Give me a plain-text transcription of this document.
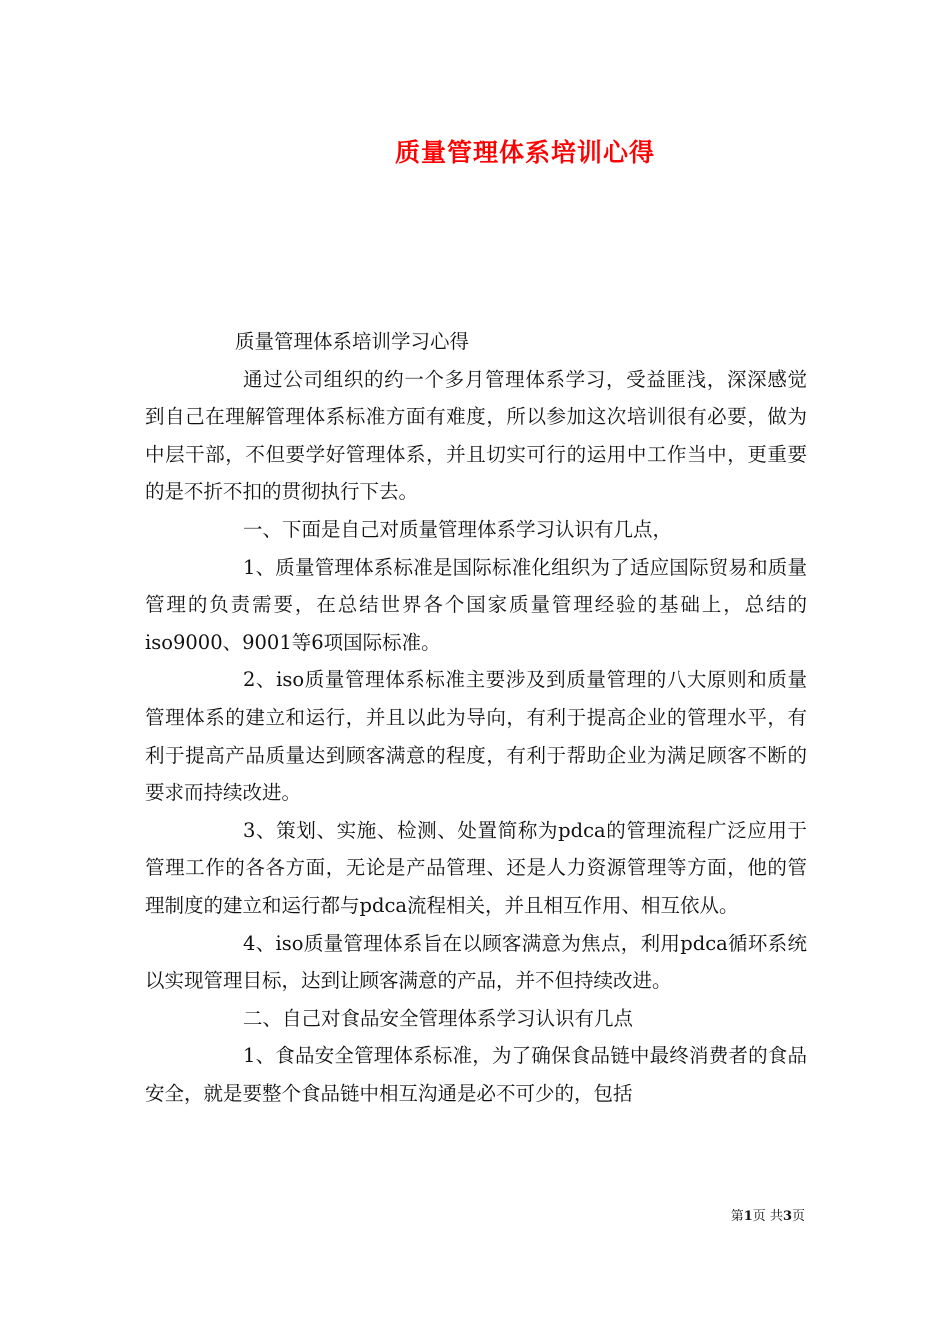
质量管理体系培训心得

质量管理体系培训学习心得

通过公司组织的约一个多月管理体系学习，受益匪浅，深深感觉到自己在理解管理体系标准方面有难度，所以参加这次培训很有必要，做为中层干部，不但要学好管理体系，并且切实可行的运用中工作当中，更重要的是不折不扣的贯彻执行下去。

一、下面是自己对质量管理体系学习认识有几点，

1、质量管理体系标准是国际标准化组织为了适应国际贸易和质量管理的负责需要，在总结世界各个国家质量管理经验的基础上，总结的iso9000、9001等6项国际标准。

2、iso质量管理体系标准主要涉及到质量管理的八大原则和质量管理体系的建立和运行，并且以此为导向，有利于提高企业的管理水平，有利于提高产品质量达到顾客满意的程度，有利于帮助企业为满足顾客不断的要求而持续改进。

3、策划、实施、检测、处置简称为pdca的管理流程广泛应用于管理工作的各各方面，无论是产品管理、还是人力资源管理等方面，他的管理制度的建立和运行都与pdca流程相关，并且相互作用、相互依从。

4、iso质量管理体系旨在以顾客满意为焦点，利用pdca循环系统以实现管理目标，达到让顾客满意的产品，并不但持续改进。

二、自己对食品安全管理体系学习认识有几点

1、食品安全管理体系标准，为了确保食品链中最终消费者的食品安全，就是要整个食品链中相互沟通是必不可少的，包括

第1页 共3页
